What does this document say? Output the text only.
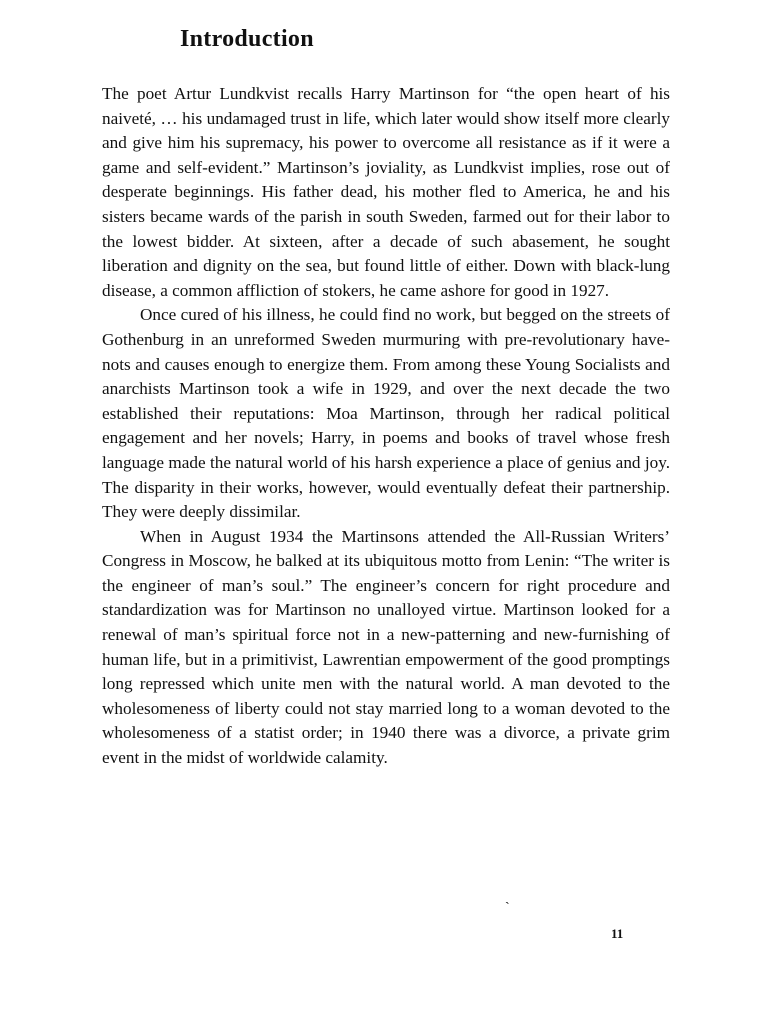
Introduction

The poet Artur Lundkvist recalls Harry Martinson for “the open heart of his naiveté, … his undamaged trust in life, which later would show itself more clearly and give him his supremacy, his power to overcome all resistance as if it were a game and self-evident.” Martinson’s joviality, as Lundkvist implies, rose out of desperate beginnings. His father dead, his mother fled to America, he and his sisters became wards of the parish in south Sweden, farmed out for their labor to the lowest bidder. At sixteen, after a decade of such abasement, he sought liberation and dignity on the sea, but found little of either. Down with black-lung disease, a common affliction of stokers, he came ashore for good in 1927.

Once cured of his illness, he could find no work, but begged on the streets of Gothenburg in an unreformed Sweden murmuring with pre-revolutionary have-nots and causes enough to energize them. From among these Young Socialists and anarchists Martinson took a wife in 1929, and over the next decade the two established their reputations: Moa Martinson, through her radical political engagement and her novels; Harry, in poems and books of travel whose fresh language made the natural world of his harsh experience a place of genius and joy. The disparity in their works, however, would eventually defeat their partnership. They were deeply dissimilar.

When in August 1934 the Martinsons attended the All-Russian Writers’ Congress in Moscow, he balked at its ubiquitous motto from Lenin: “The writer is the engineer of man’s soul.” The engineer’s concern for right procedure and standardization was for Martinson no unalloyed virtue. Martinson looked for a renewal of man’s spiritual force not in a new-patterning and new-furnishing of human life, but in a primitivist, Lawrentian empowerment of the good promptings long repressed which unite men with the natural world. A man devoted to the wholesomeness of liberty could not stay married long to a woman devoted to the wholesomeness of a statist order; in 1940 there was a divorce, a private grim event in the midst of worldwide calamity.

ˏ
11
